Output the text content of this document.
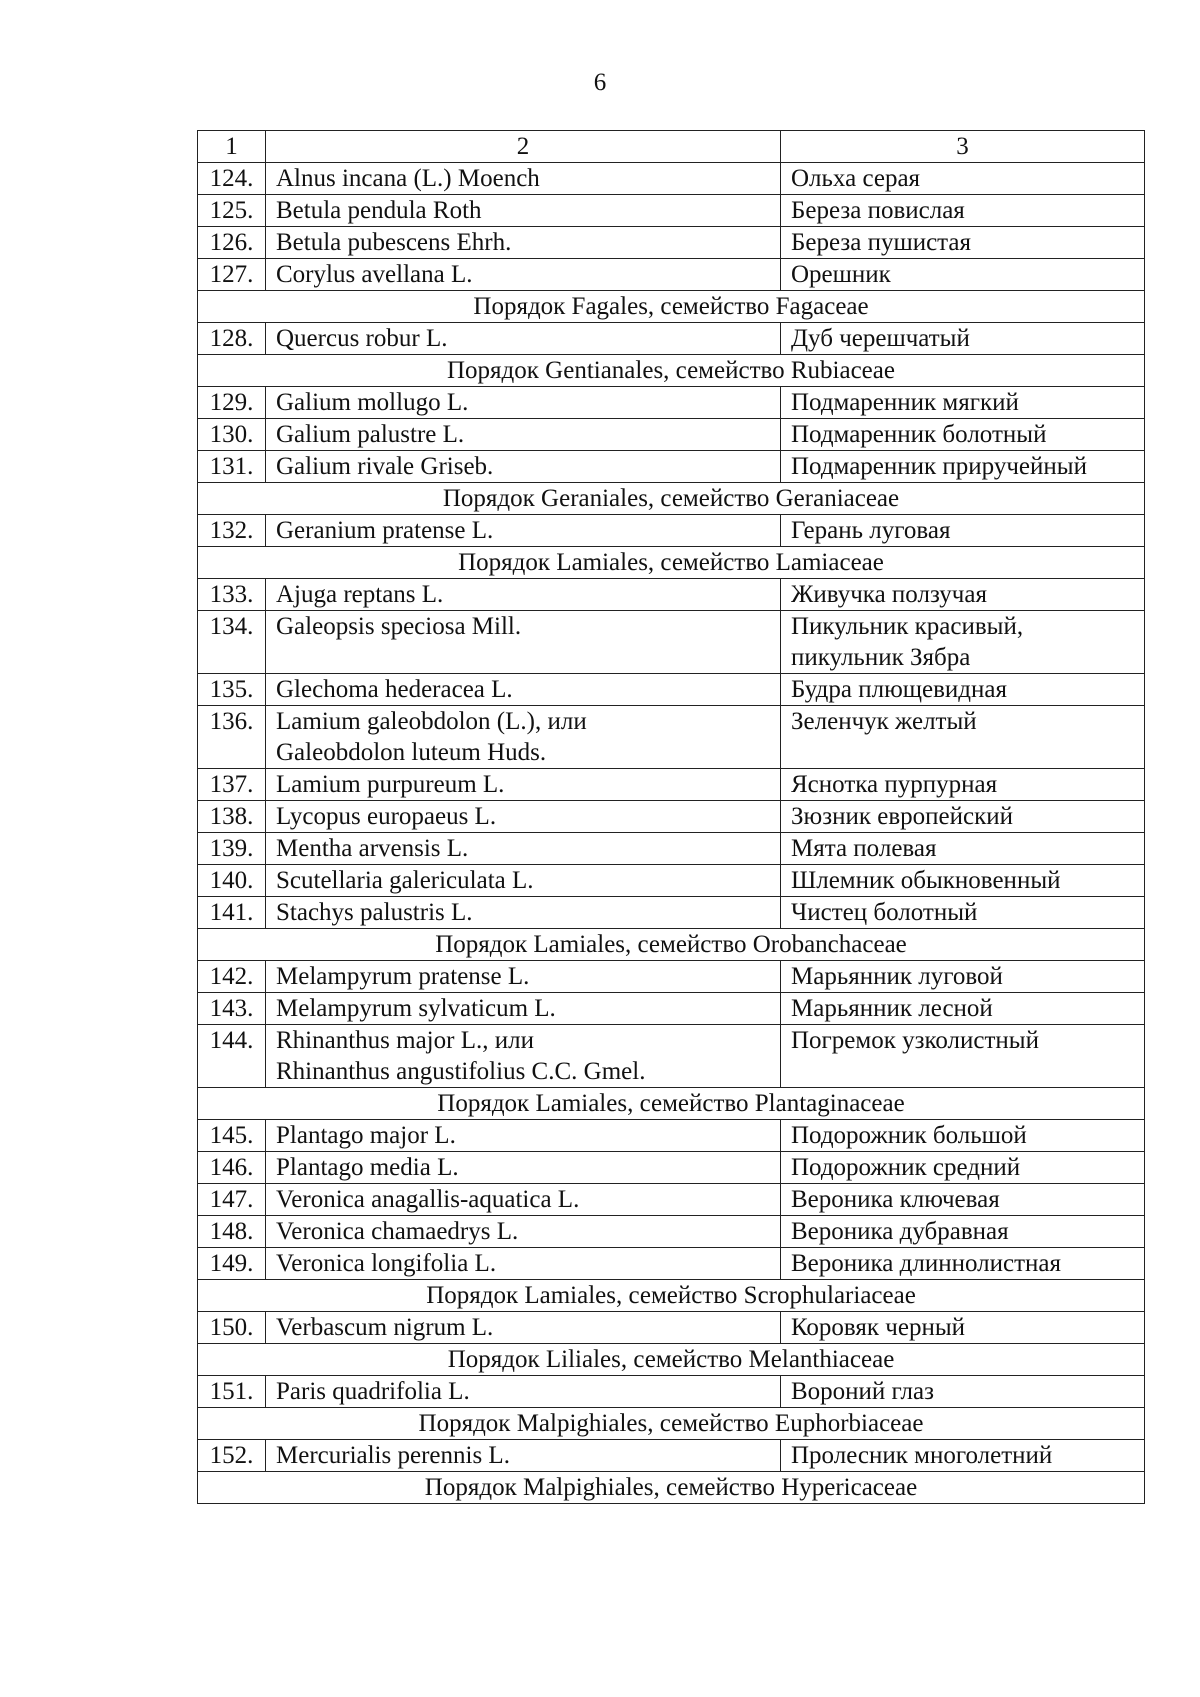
6
1	2	3
124.	Alnus incana (L.) Moench	Ольха серая
125.	Betula pendula Roth	Береза повислая
126.	Betula pubescens Ehrh.	Береза пушистая
127.	Corylus avellana L.	Орешник
Порядок Fagales, семейство Fagaceae		
128.	Quercus robur L.	Дуб черешчатый
Порядок Gentianales, семейство Rubiaceae		
129.	Galium mollugo L.	Подмаренник мягкий
130.	Galium palustre L.	Подмаренник болотный
131.	Galium rivale Griseb.	Подмаренник приручейный
Порядок Geraniales, семейство Geraniaceae		
132.	Geranium pratense L.	Герань луговая
Порядок Lamiales, семейство Lamiaceae		
133.	Ajuga reptans L.	Живучка ползучая
134.	Galeopsis speciosa Mill.	Пикульник красивый,
пикульник Зябра
135.	Glechoma hederacea L.	Будра плющевидная
136.	Lamium galeobdolon (L.), или
Galeobdolon luteum Huds.	Зеленчук желтый
137.	Lamium purpureum L.	Яснотка пурпурная
138.	Lycopus europaeus L.	Зюзник европейский
139.	Mentha arvensis L.	Мята полевая
140.	Scutellaria galericulata L.	Шлемник обыкновенный
141.	Stachys palustris L.	Чистец болотный
Порядок Lamiales, семейство Orobanchaceae		
142.	Melampyrum pratense L.	Марьянник луговой
143.	Melampyrum sylvaticum L.	Марьянник лесной
144.	Rhinanthus major L., или
Rhinanthus angustifolius C.C. Gmel.	Погремок узколистный
Порядок Lamiales, семейство Plantaginaceae		
145.	Plantago major L.	Подорожник большой
146.	Plantago media L.	Подорожник средний
147.	Veronica anagallis-aquatica L.	Вероника ключевая
148.	Veronica chamaedrys L.	Вероника дубравная
149.	Veronica longifolia L.	Вероника длиннолистная
Порядок Lamiales, семейство Scrophulariaceae		
150.	Verbascum nigrum L.	Коровяк черный
Порядок Liliales, семейство Melanthiaceae		
151.	Paris quadrifolia L.	Вороний глаз
Порядок Malpighiales, семейство Euphorbiaceae		
152.	Mercurialis perennis L.	Пролесник многолетний
Порядок Malpighiales, семейство Hypericaceae		
